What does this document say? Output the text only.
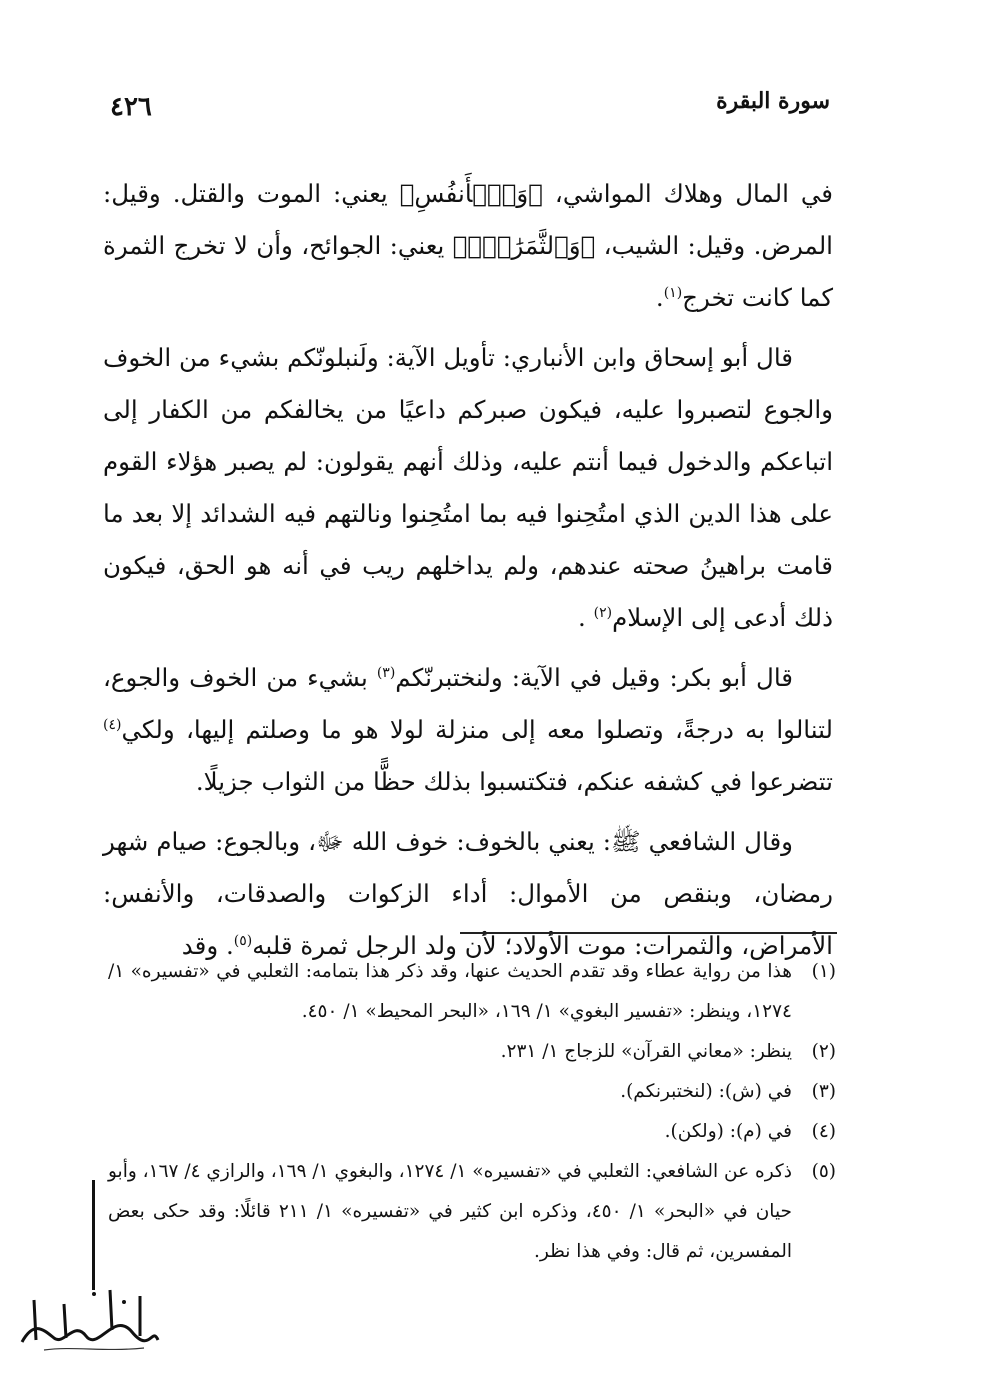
سورة البقرة
٤٢٦

في المال وهلاك المواشي، ﴿وَٱلۡأَنفُسِ﴾ يعني: الموت والقتل. وقيل: المرض. وقيل: الشيب، ﴿وَٱلثَّمَرَٰتِۗ﴾ يعني: الجوائح، وأن لا تخرج الثمرة كما كانت تخرج$^{(١)}$.

قال أبو إسحاق وابن الأنباري: تأويل الآية: ولَنبلونّكم بشيء من الخوف والجوع لتصبروا عليه، فيكون صبركم داعيًا من يخالفكم من الكفار إلى اتباعكم والدخول فيما أنتم عليه، وذلك أنهم يقولون: لم يصبر هؤلاء القوم على هذا الدين الذي امتُحِنوا فيه بما امتُحِنوا ونالتهم فيه الشدائد إلا بعد ما قامت براهينُ صحته عندهم، ولم يداخلهم ريب في أنه هو الحق، فيكون ذلك أدعى إلى الإسلام$^{(٢)}$ .

قال أبو بكر: وقيل في الآية: ولنختبرنّكم$^{(٣)}$ بشيء من الخوف والجوع، لتنالوا به درجةً، وتصلوا معه إلى منزلة لولا هو ما وصلتم إليها، ولكي$^{(٤)}$ تتضرعوا في كشفه عنكم، فتكتسبوا بذلك حظًّا من الثواب جزيلًا.

وقال الشافعي ﷺ: يعني بالخوف: خوف الله ﷻ، وبالجوع: صيام شهر رمضان، وبنقص من الأموال: أداء الزكوات والصدقات، والأنفس: الأمراض، والثمرات: موت الأولاد؛ لأن ولد الرجل ثمرة قلبه$^{(٥)}$. وقد

(١)
هذا من رواية عطاء وقد تقدم الحديث عنها، وقد ذكر هذا بتمامه: الثعلبي في «تفسيره» ١/ ١٢٧٤، وينظر: «تفسير البغوي» ١/ ١٦٩، «البحر المحيط» ١/ ٤٥٠.
(٢)
ينظر: «معاني القرآن» للزجاج ١/ ٢٣١.
(٣)
في (ش): (لنختبرنكم).
(٤)
في (م): (ولكن).
(٥)
ذكره عن الشافعي: الثعلبي في «تفسيره» ١/ ١٢٧٤، والبغوي ١/ ١٦٩، والرازي ٤/ ١٦٧، وأبو حيان في «البحر» ١/ ٤٥٠، وذكره ابن كثير في «تفسيره» ١/ ٢١١ قائلًا: وقد حكى بعض المفسرين، ثم قال: وفي هذا نظر.
